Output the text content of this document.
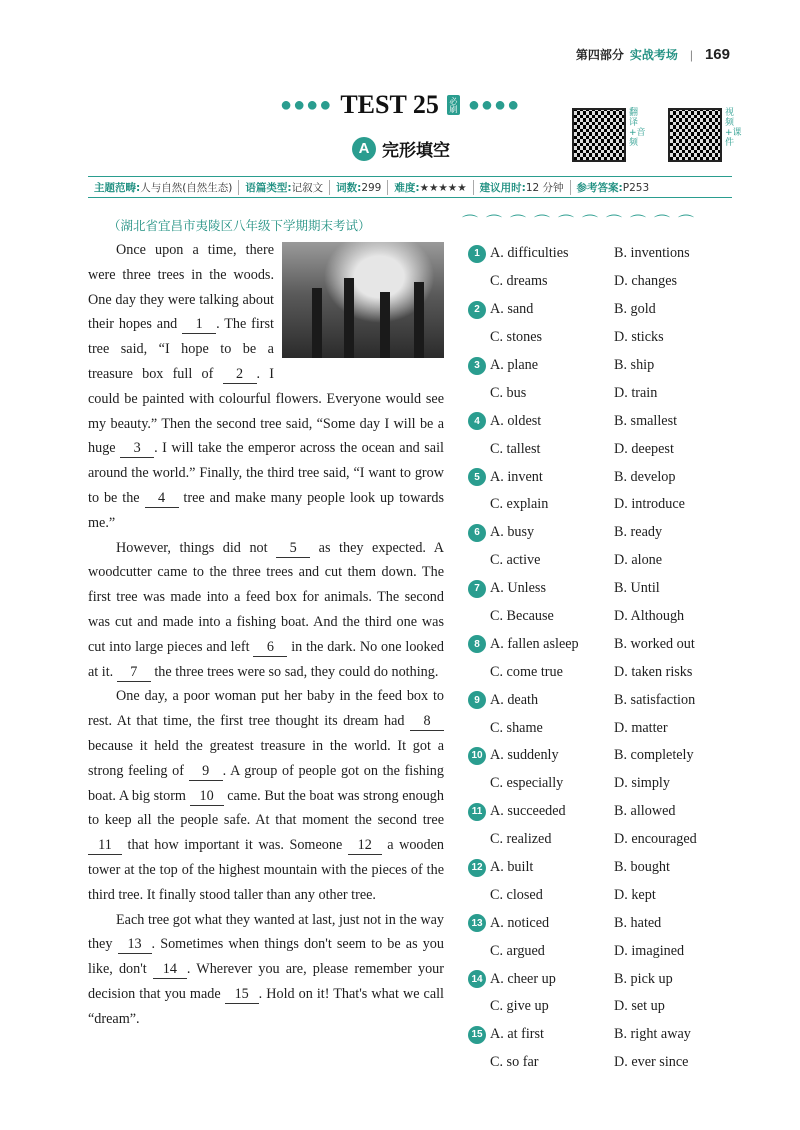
第四部分 实战考场 | 169
●●●● TEST 25 必刷 ●●●●
A 完形填空
翻译+音频
视频+课件
主题范畴:人与自然(自然生态)	语篇类型:记叙文	词数:299	难度:★★★★★	建议用时:12 分钟	参考答案:P253
（湖北省宜昌市夷陵区八年级下学期期末考试）	⌒⌒⌒⌒⌒⌒⌒⌒⌒⌒

Once upon a time, there were three trees in the woods. One day they were talking about their hopes and 1 . The first tree said, “I hope to be a treasure box full of 2 . I could be painted with colourful flowers. Everyone would see my beauty.” Then the second tree said, “Some day I will be a huge 3 . I will take the emperor across the ocean and sail around the world.” Finally, the third tree said, “I want to grow to be the 4 tree and make many people look up towards me.”

However, things did not 5 as they expected. A woodcutter came to the three trees and cut them down. The first tree was made into a feed box for animals. The second was cut and made into a fishing boat. And the third one was cut into large pieces and left 6 in the dark. No one looked at it. 7 the three trees were so sad, they could do nothing.

One day, a poor woman put her baby in the feed box to rest. At that time, the first tree thought its dream had 8 because it held the greatest treasure in the world. It got a strong feeling of 9 . A group of people got on the fishing boat. A big storm 10 came. But the boat was strong enough to keep all the people safe. At that moment the second tree 11 that how important it was. Someone 12 a wooden tower at the top of the highest mountain with the pieces of the third tree. It finally stood taller than any other tree.

Each tree got what they wanted at last, just not in the way they 13 . Sometimes when things don't seem to be as you like, don't 14 . Wherever you are, please remember your decision that you made 15 . Hold on it! That's what we call “dream”.

1 A. difficulties	B. inventions
C. dreams	D. changes
2 A. sand	B. gold
C. stones	D. sticks
3 A. plane	B. ship
C. bus	D. train
4 A. oldest	B. smallest
C. tallest	D. deepest
5 A. invent	B. develop
C. explain	D. introduce
6 A. busy	B. ready
C. active	D. alone
7 A. Unless	B. Until
C. Because	D. Although
8 A. fallen asleep	B. worked out
C. come true	D. taken risks
9 A. death	B. satisfaction
C. shame	D. matter
10 A. suddenly	B. completely
C. especially	D. simply
11 A. succeeded	B. allowed
C. realized	D. encouraged
12 A. built	B. bought
C. closed	D. kept
13 A. noticed	B. hated
C. argued	D. imagined
14 A. cheer up	B. pick up
C. give up	D. set up
15 A. at first	B. right away
C. so far	D. ever since
